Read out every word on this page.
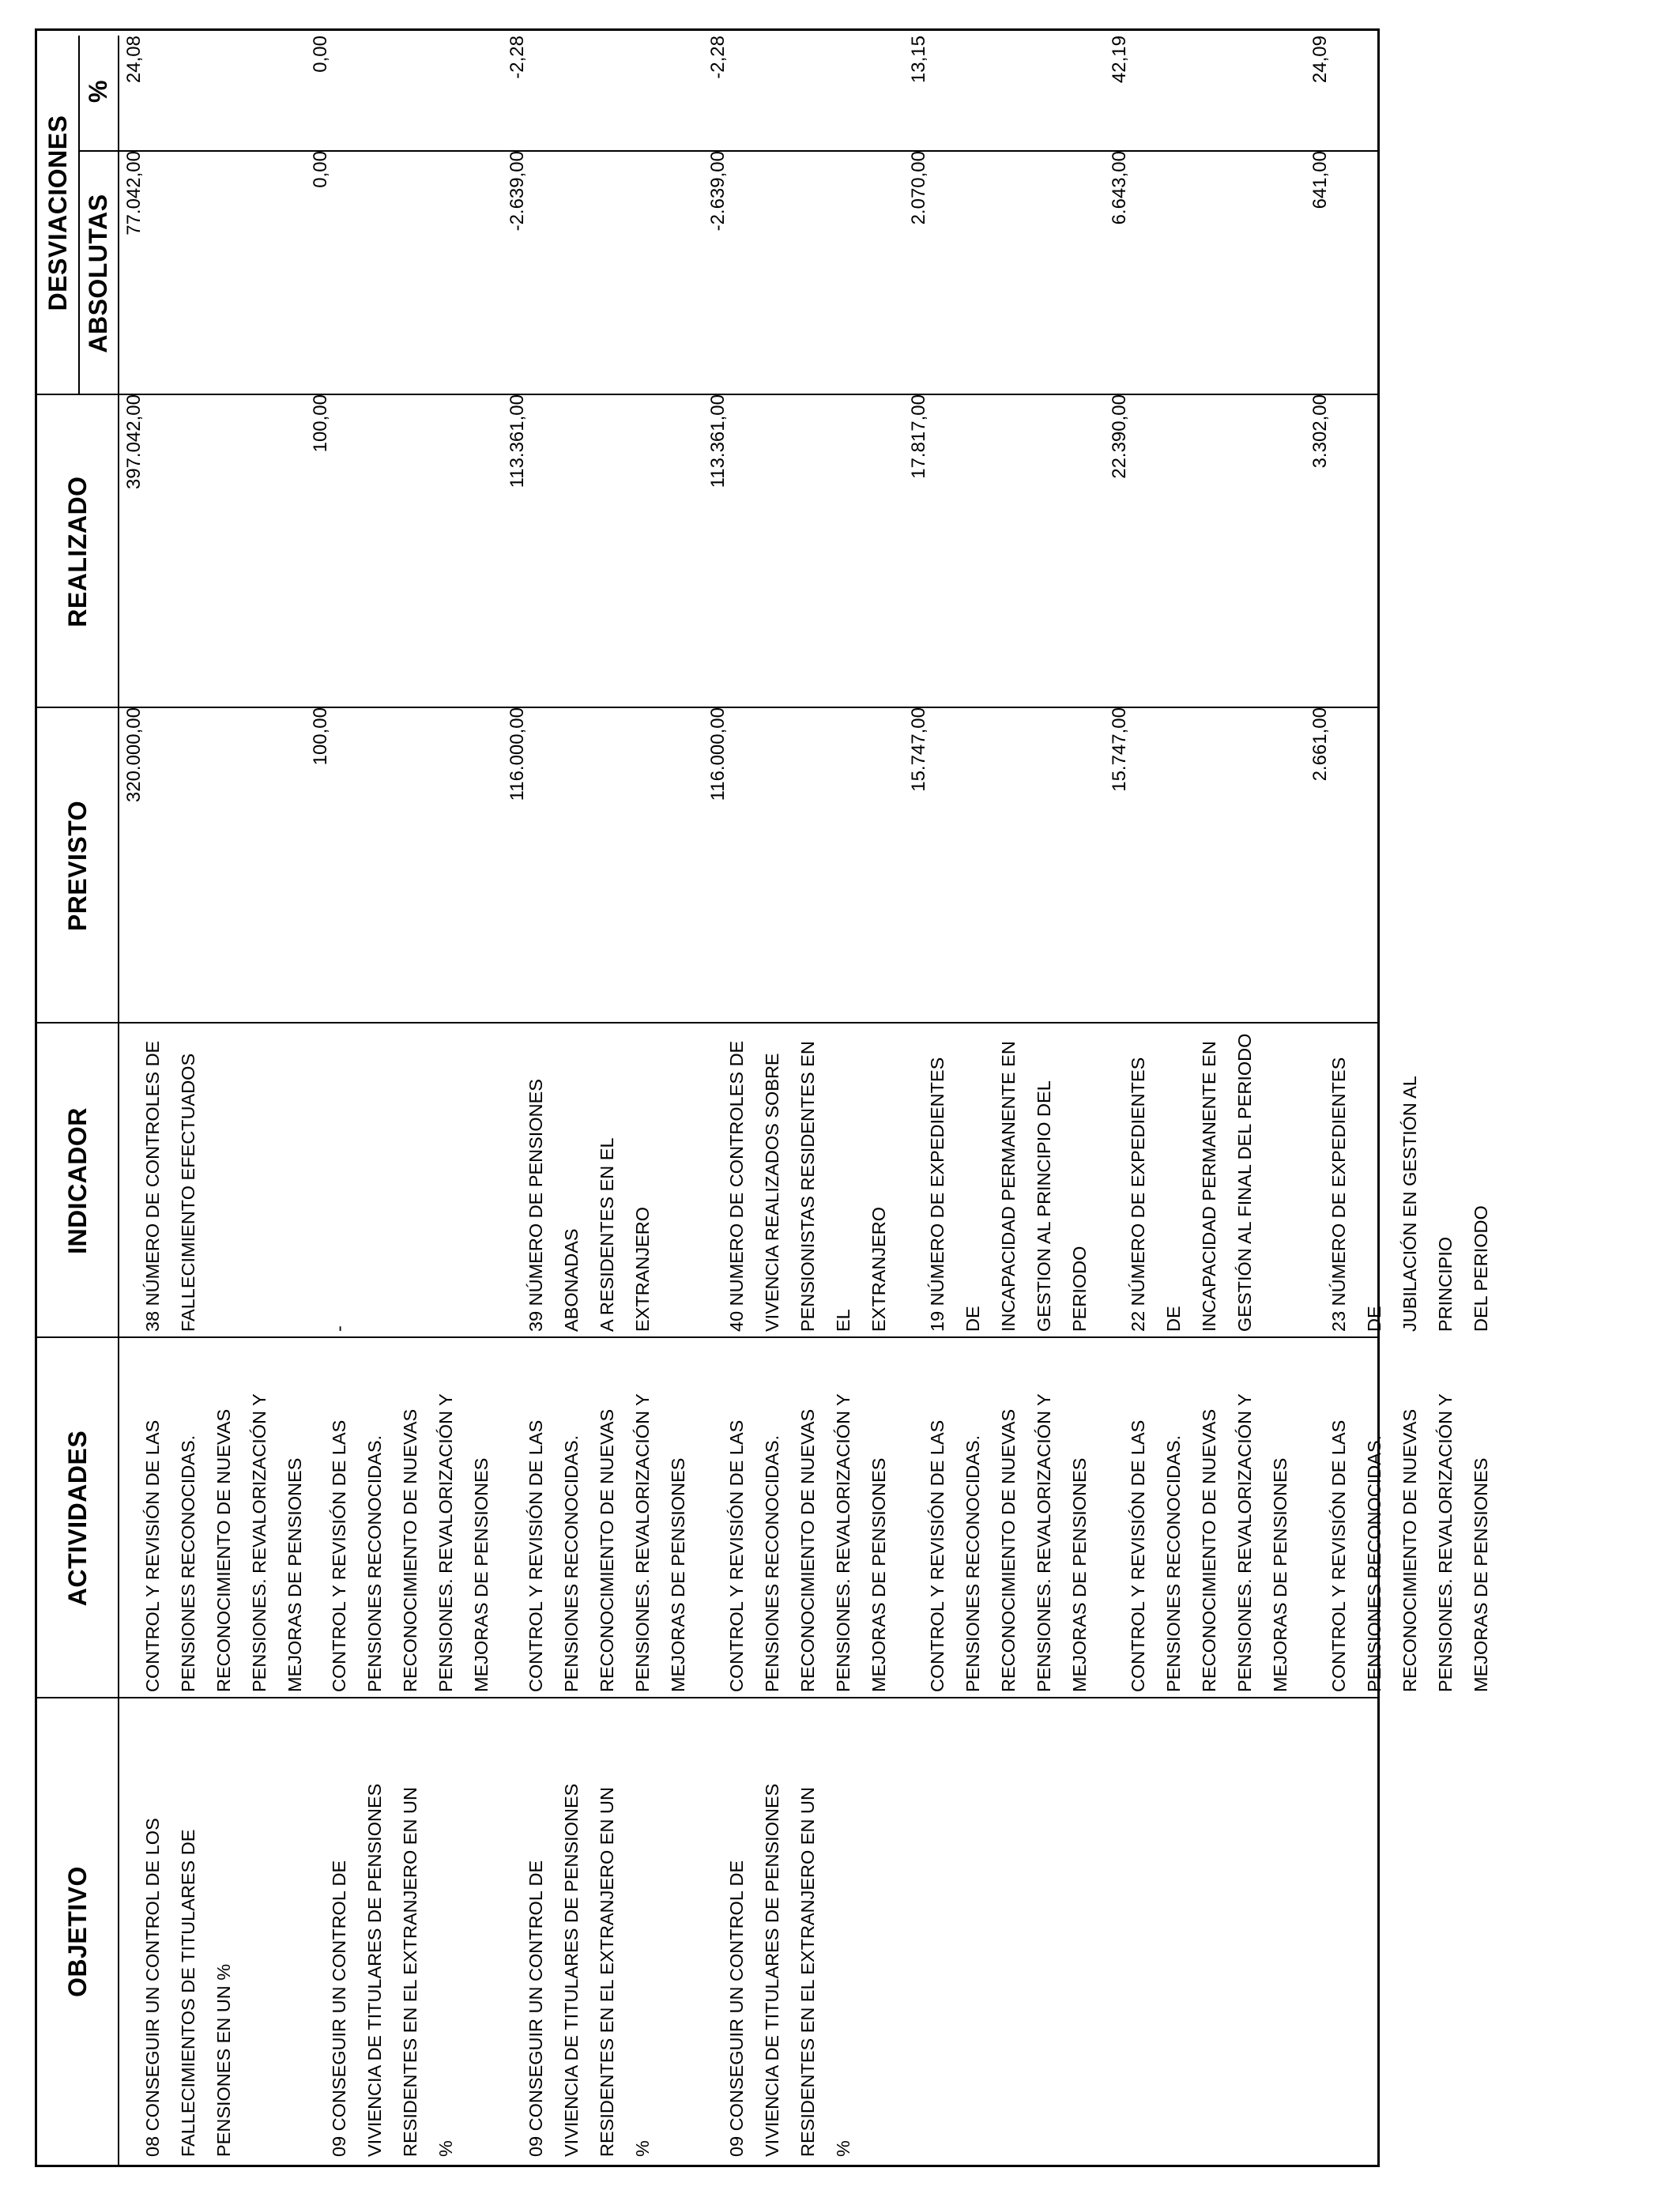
OBJETIVO
ACTIVIDADES
INDICADOR
PREVISTO
REALIZADO
DESVIACIONES ABSOLUTAS
%
08 CONSEGUIR UN CONTROL DE LOS
FALLECIMIENTOS DE TITULARES DE
PENSIONES EN UN %
CONTROL Y REVISIÓN DE LAS
PENSIONES RECONOCIDAS.
RECONOCIMIENTO DE NUEVAS
PENSIONES. REVALORIZACIÓN Y
MEJORAS DE PENSIONES
38 NÚMERO DE CONTROLES DE
FALLECIMIENTO EFECTUADOS
320.000,00
397.042,00
77.042,00
24,08
09 CONSEGUIR UN CONTROL DE
VIVIENCIA DE TITULARES DE PENSIONES
RESIDENTES EN EL EXTRANJERO EN UN
%
CONTROL Y REVISIÓN DE LAS
PENSIONES RECONOCIDAS.
RECONOCIMIENTO DE NUEVAS
PENSIONES. REVALORIZACIÓN Y
MEJORAS DE PENSIONES
-
100,00
100,00
0,00
0,00
09 CONSEGUIR UN CONTROL DE
VIVIENCIA DE TITULARES DE PENSIONES
RESIDENTES EN EL EXTRANJERO EN UN
%
CONTROL Y REVISIÓN DE LAS
PENSIONES RECONOCIDAS.
RECONOCIMIENTO DE NUEVAS
PENSIONES. REVALORIZACIÓN Y
MEJORAS DE PENSIONES
39 NÚMERO DE PENSIONES ABONADAS
A RESIDENTES EN EL EXTRANJERO
116.000,00
113.361,00
-2.639,00
-2,28
09 CONSEGUIR UN CONTROL DE
VIVIENCIA DE TITULARES DE PENSIONES
RESIDENTES EN EL EXTRANJERO EN UN
%
CONTROL Y REVISIÓN DE LAS
PENSIONES RECONOCIDAS.
RECONOCIMIENTO DE NUEVAS
PENSIONES. REVALORIZACIÓN Y
MEJORAS DE PENSIONES
40 NUMERO DE CONTROLES DE
VIVENCIA REALIZADOS SOBRE
PENSIONISTAS RESIDENTES EN EL
EXTRANJERO
116.000,00
113.361,00
-2.639,00
-2,28
CONTROL Y REVISIÓN DE LAS
PENSIONES RECONOCIDAS.
RECONOCIMIENTO DE NUEVAS
PENSIONES. REVALORIZACIÓN Y
MEJORAS DE PENSIONES
19 NÚMERO DE EXPEDIENTES DE
INCAPACIDAD PERMANENTE EN
GESTION AL PRINCIPIO DEL PERIODO
15.747,00
17.817,00
2.070,00
13,15
CONTROL Y REVISIÓN DE LAS
PENSIONES RECONOCIDAS.
RECONOCIMIENTO DE NUEVAS
PENSIONES. REVALORIZACIÓN Y
MEJORAS DE PENSIONES
22 NÚMERO DE EXPEDIENTES DE
INCAPACIDAD PERMANENTE EN
GESTIÓN AL FINAL DEL PERIODO
15.747,00
22.390,00
6.643,00
42,19
CONTROL Y REVISIÓN DE LAS
PENSIONES RECONOCIDAS.
RECONOCIMIENTO DE NUEVAS
PENSIONES. REVALORIZACIÓN Y
MEJORAS DE PENSIONES
23 NÚMERO DE EXPEDIENTES DE
JUBILACIÓN EN GESTIÓN AL PRINCIPIO
DEL PERIODO
2.661,00
3.302,00
641,00
24,09
